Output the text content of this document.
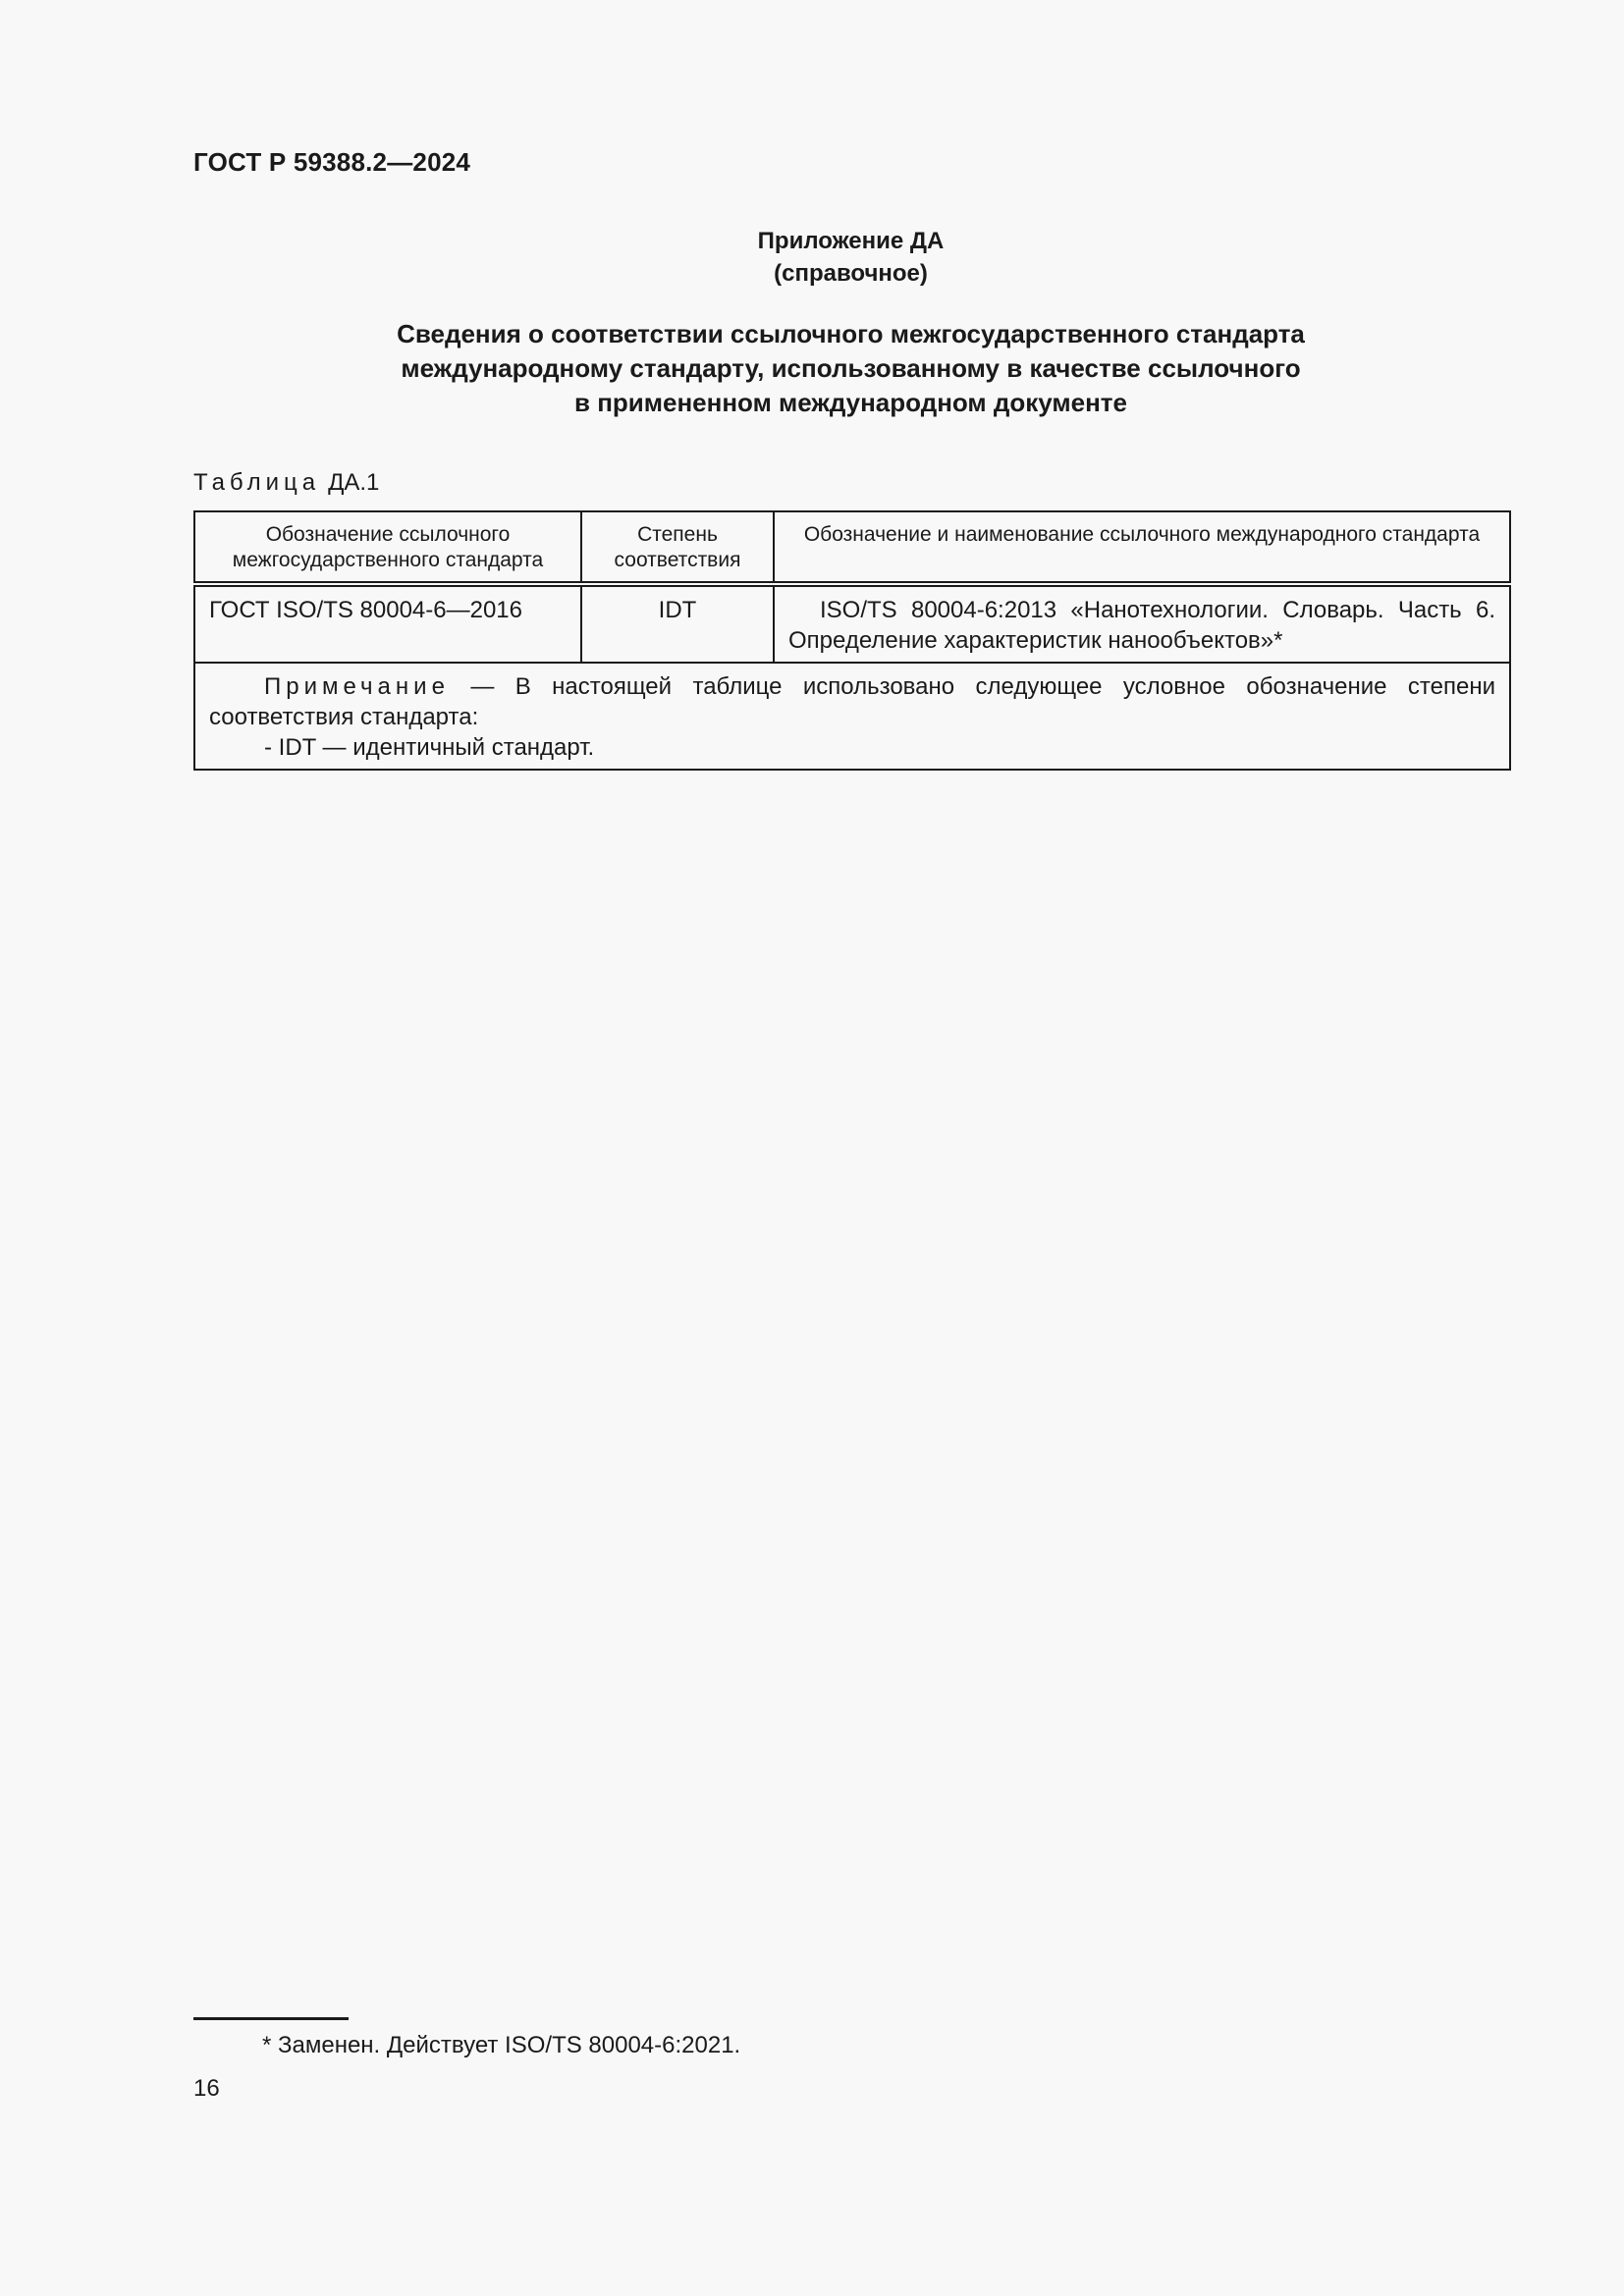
ГОСТ Р 59388.2—2024
Приложение ДА
(справочное)
Сведения о соответствии ссылочного межгосударственного стандарта
международному стандарту, использованному в качестве ссылочного
в примененном международном документе
Таблица ДА.1
Обозначение ссылочного межгосударственного стандарта	Степень соответствия	Обозначение и наименование ссылочного международного стандарта
ГОСТ ISO/TS 80004-6—2016	IDT	ISO/TS 80004-6:2013 «Нанотехнологии. Словарь. Часть 6. Определение характеристик нанообъектов»*

Примечание — В настоящей таблице использовано следующее условное обозначение степени соответствия стандарта:

- IDT — идентичный стандарт.		

* Заменен. Действует ISO/TS 80004-6:2021.
16
